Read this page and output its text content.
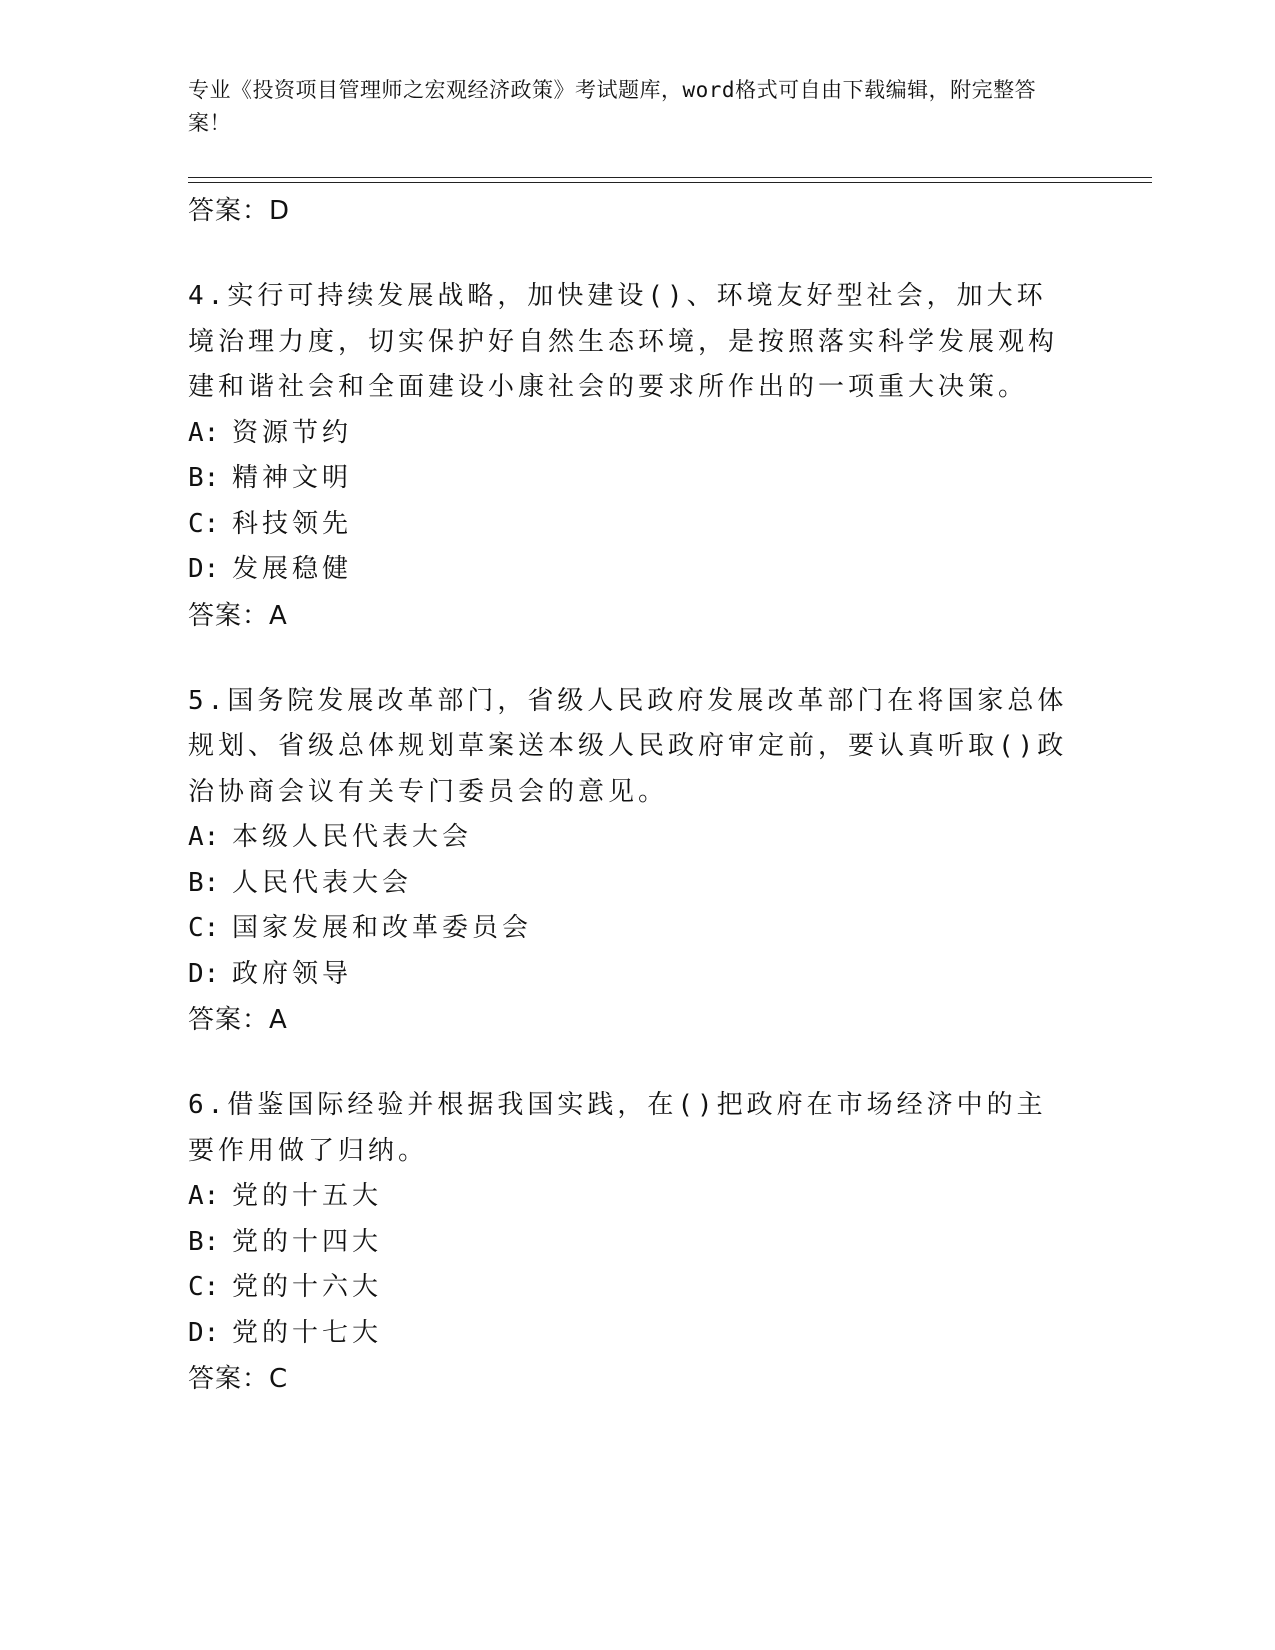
专业《投资项目管理师之宏观经济政策》考试题库，word格式可自由下载编辑，附完整答案！
答案：D
4.实行可持续发展战略，加快建设()、环境友好型社会，加大环境治理力度，切实保护好自然生态环境，是按照落实科学发展观构建和谐社会和全面建设小康社会的要求所作出的一项重大决策。
A: 资源节约
B: 精神文明
C: 科技领先
D: 发展稳健
答案：A
5.国务院发展改革部门，省级人民政府发展改革部门在将国家总体规划、省级总体规划草案送本级人民政府审定前，要认真听取()政治协商会议有关专门委员会的意见。
A: 本级人民代表大会
B: 人民代表大会
C: 国家发展和改革委员会
D: 政府领导
答案：A
6.借鉴国际经验并根据我国实践，在()把政府在市场经济中的主要作用做了归纳。
A: 党的十五大
B: 党的十四大
C: 党的十六大
D: 党的十七大
答案：C
